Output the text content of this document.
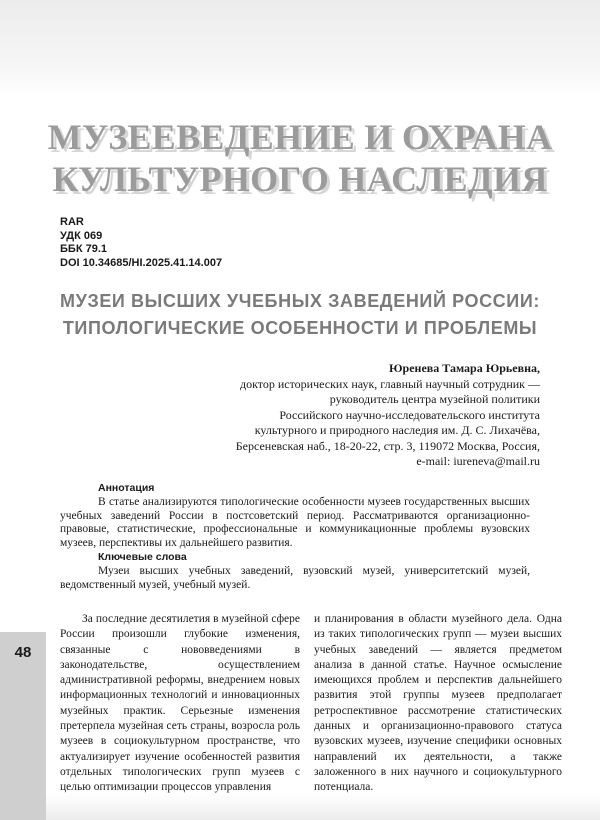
МУЗЕЕВЕДЕНИЕ И ОХРАНА
КУЛЬТУРНОГО НАСЛЕДИЯ
RAR
УДК 069
ББК 79.1
DOI 10.34685/HI.2025.41.14.007
МУЗЕИ ВЫСШИХ УЧЕБНЫХ ЗАВЕДЕНИЙ РОССИИ:
ТИПОЛОГИЧЕСКИЕ ОСОБЕННОСТИ И ПРОБЛЕМЫ
Юренева Тамара Юрьевна,
доктор исторических наук, главный научный сотрудник —
руководитель центра музейной политики
Российского научно-исследовательского института
культурного и природного наследия им. Д. С. Лихачёва,
Берсеневская наб., 18-20-22, стр. 3, 119072 Москва, Россия,
e-mail: iureneva@mail.ru
Аннотация

В статье анализируются типологические особенности музеев государственных высших учебных заведений России в постсоветский период. Рассматриваются организационно-правовые, статистические, профессиональные и коммуникационные проблемы вузовских музеев, перспективы их дальнейшего развития.

Ключевые слова

Музеи высших учебных заведений, вузовский музей, университетский музей, ведомственный музей, учебный музей.

48

За последние десятилетия в музейной сфере России произошли глубокие изменения, связанные с нововведениями в законодательстве, осуществлением административной реформы, внедрением новых информационных технологий и инновационных музейных практик. Серьезные изменения претерпела музейная сеть страны, возросла роль музеев в социокультурном пространстве, что актуализирует изучение особенностей развития отдельных типологических групп музеев с целью оптимизации процессов управления

и планирования в области музейного дела. Одна из таких типологических групп — музеи высших учебных заведений — является предметом анализа в данной статье. Научное осмысление имеющихся проблем и перспектив дальнейшего развития этой группы музеев предполагает ретроспективное рассмотрение статистических данных и организационно-правового статуса вузовских музеев, изучение специфики основных направлений их деятельности, а также заложенного в них научного и социокультурного потенциала.
